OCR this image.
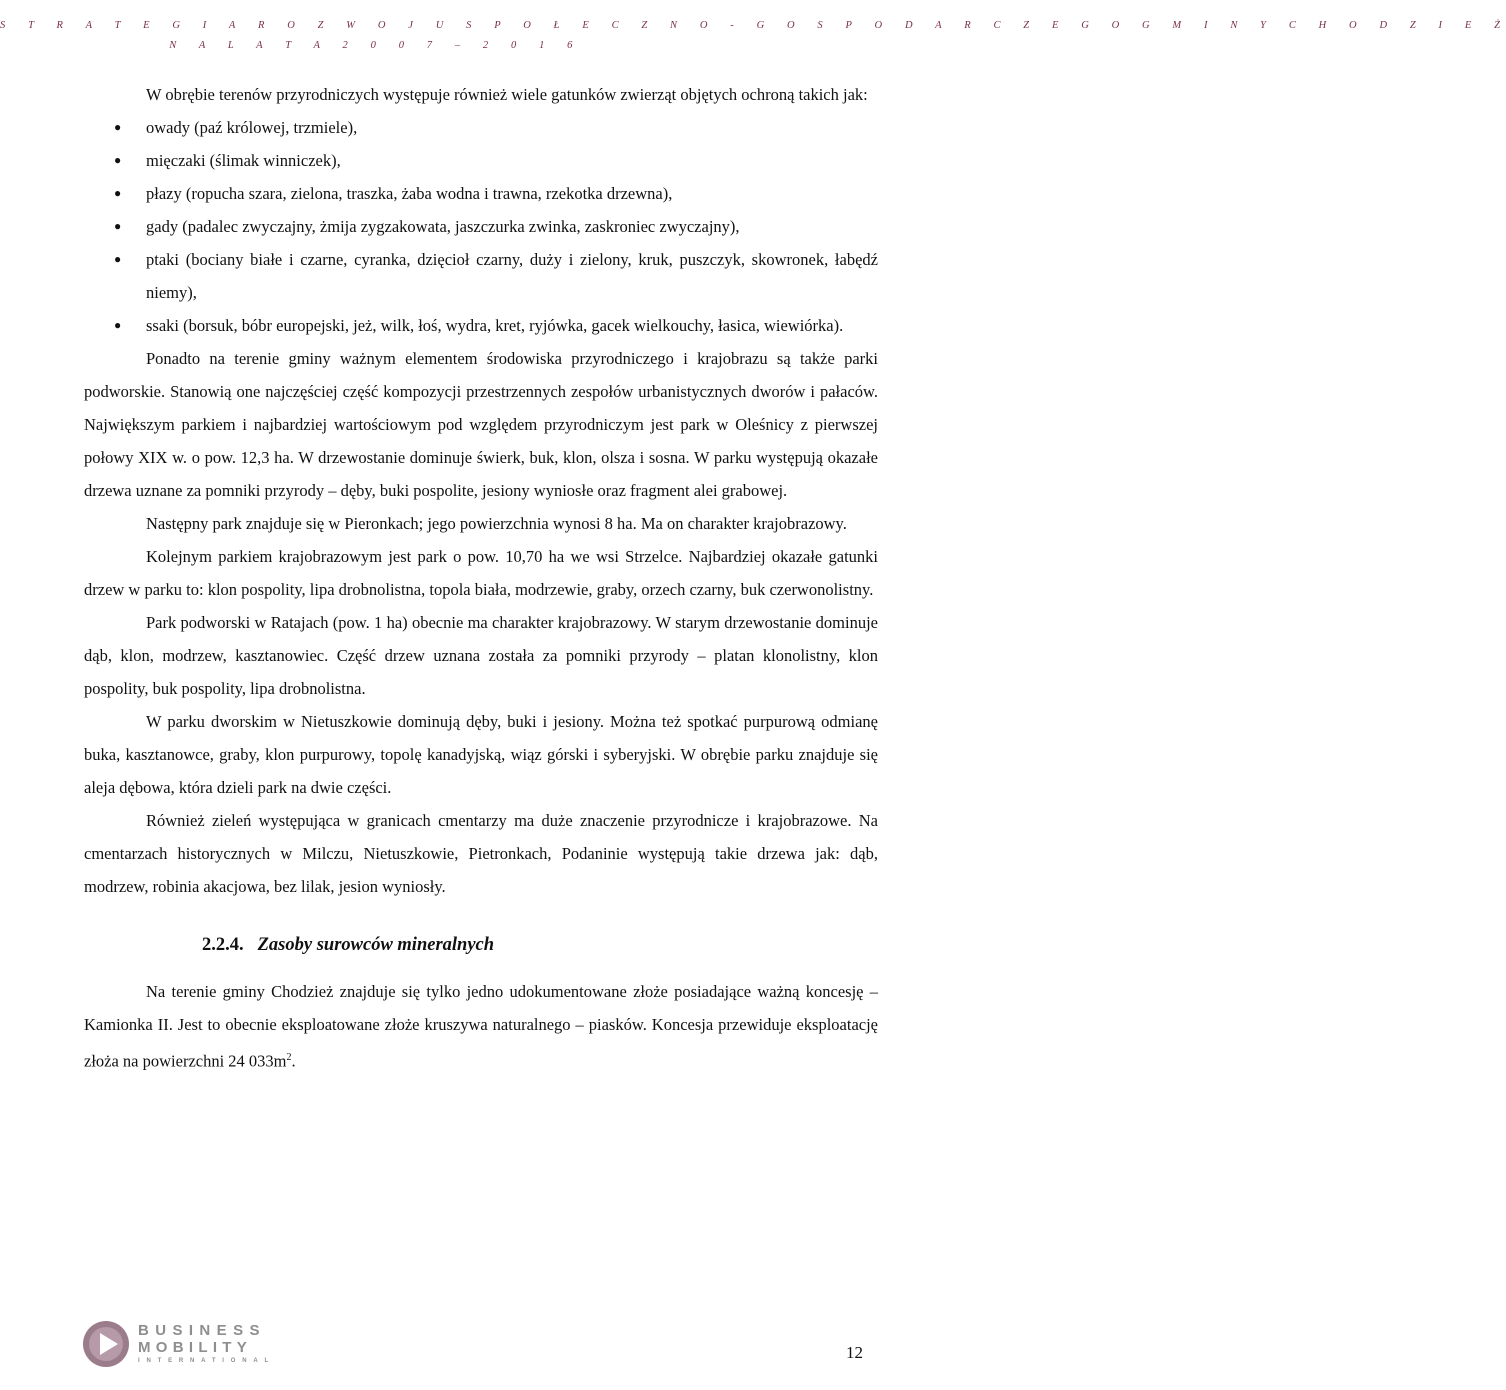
S T R A T E G I A R O Z W O J U S P O Ł E C Z N O - G O S P O D A R C Z E G O G M I N Y C H O D Z I E Ż
N A L A T A 2 0 0 7 – 2 0 1 6

W obrębie terenów przyrodniczych występuje również wiele gatunków zwierząt objętych ochroną takich jak:

● owady (paź królowej, trzmiele),
● mięczaki (ślimak winniczek),
● płazy (ropucha szara, zielona, traszka, żaba wodna i trawna, rzekotka drzewna),
● gady (padalec zwyczajny, żmija zygzakowata, jaszczurka zwinka, zaskroniec zwyczajny),
● ptaki (bociany białe i czarne, cyranka, dzięcioł czarny, duży i zielony, kruk, puszczyk, skowronek, łabędź niemy),
● ssaki (borsuk, bóbr europejski, jeż, wilk, łoś, wydra, kret, ryjówka, gacek wielkouchy, łasica, wiewiórka).

Ponadto na terenie gminy ważnym elementem środowiska przyrodniczego i krajobrazu są także parki podworskie. Stanowią one najczęściej część kompozycji przestrzennych zespołów urbanistycznych dworów i pałaców. Największym parkiem i najbardziej wartościowym pod względem przyrodniczym jest park w Oleśnicy z pierwszej połowy XIX w. o pow. 12,3 ha. W drzewostanie dominuje świerk, buk, klon, olsza i sosna. W parku występują okazałe drzewa uznane za pomniki przyrody – dęby, buki pospolite, jesiony wyniosłe oraz fragment alei grabowej.

Następny park znajduje się w Pieronkach; jego powierzchnia wynosi 8 ha. Ma on charakter krajobrazowy.

Kolejnym parkiem krajobrazowym jest park o pow. 10,70 ha we wsi Strzelce. Najbardziej okazałe gatunki drzew w parku to: klon pospolity, lipa drobnolistna, topola biała, modrzewie, graby, orzech czarny, buk czerwonolistny.

Park podworski w Ratajach (pow. 1 ha) obecnie ma charakter krajobrazowy. W starym drzewostanie dominuje dąb, klon, modrzew, kasztanowiec. Część drzew uznana została za pomniki przyrody – platan klonolistny, klon pospolity, buk pospolity, lipa drobnolistna.

W parku dworskim w Nietuszkowie dominują dęby, buki i jesiony. Można też spotkać purpurową odmianę buka, kasztanowce, graby, klon purpurowy, topolę kanadyjską, wiąz górski i syberyjski. W obrębie parku znajduje się aleja dębowa, która dzieli park na dwie części.

Również zieleń występująca w granicach cmentarzy ma duże znaczenie przyrodnicze i krajobrazowe. Na cmentarzach historycznych w Milczu, Nietuszkowie, Pietronkach, Podaninie występują takie drzewa jak: dąb, modrzew, robinia akacjowa, bez lilak, jesion wyniosły.

2.2.4. Zasoby surowców mineralnych

Na terenie gminy Chodzież znajduje się tylko jedno udokumentowane złoże posiadające ważną koncesję – Kamionka II. Jest to obecnie eksploatowane złoże kruszywa naturalnego – piasków. Koncesja przewiduje eksploatację złoża na powierzchni 24 $033m^2$.

BUSINESS
MOBILITY
INTERNATIONAL	12
